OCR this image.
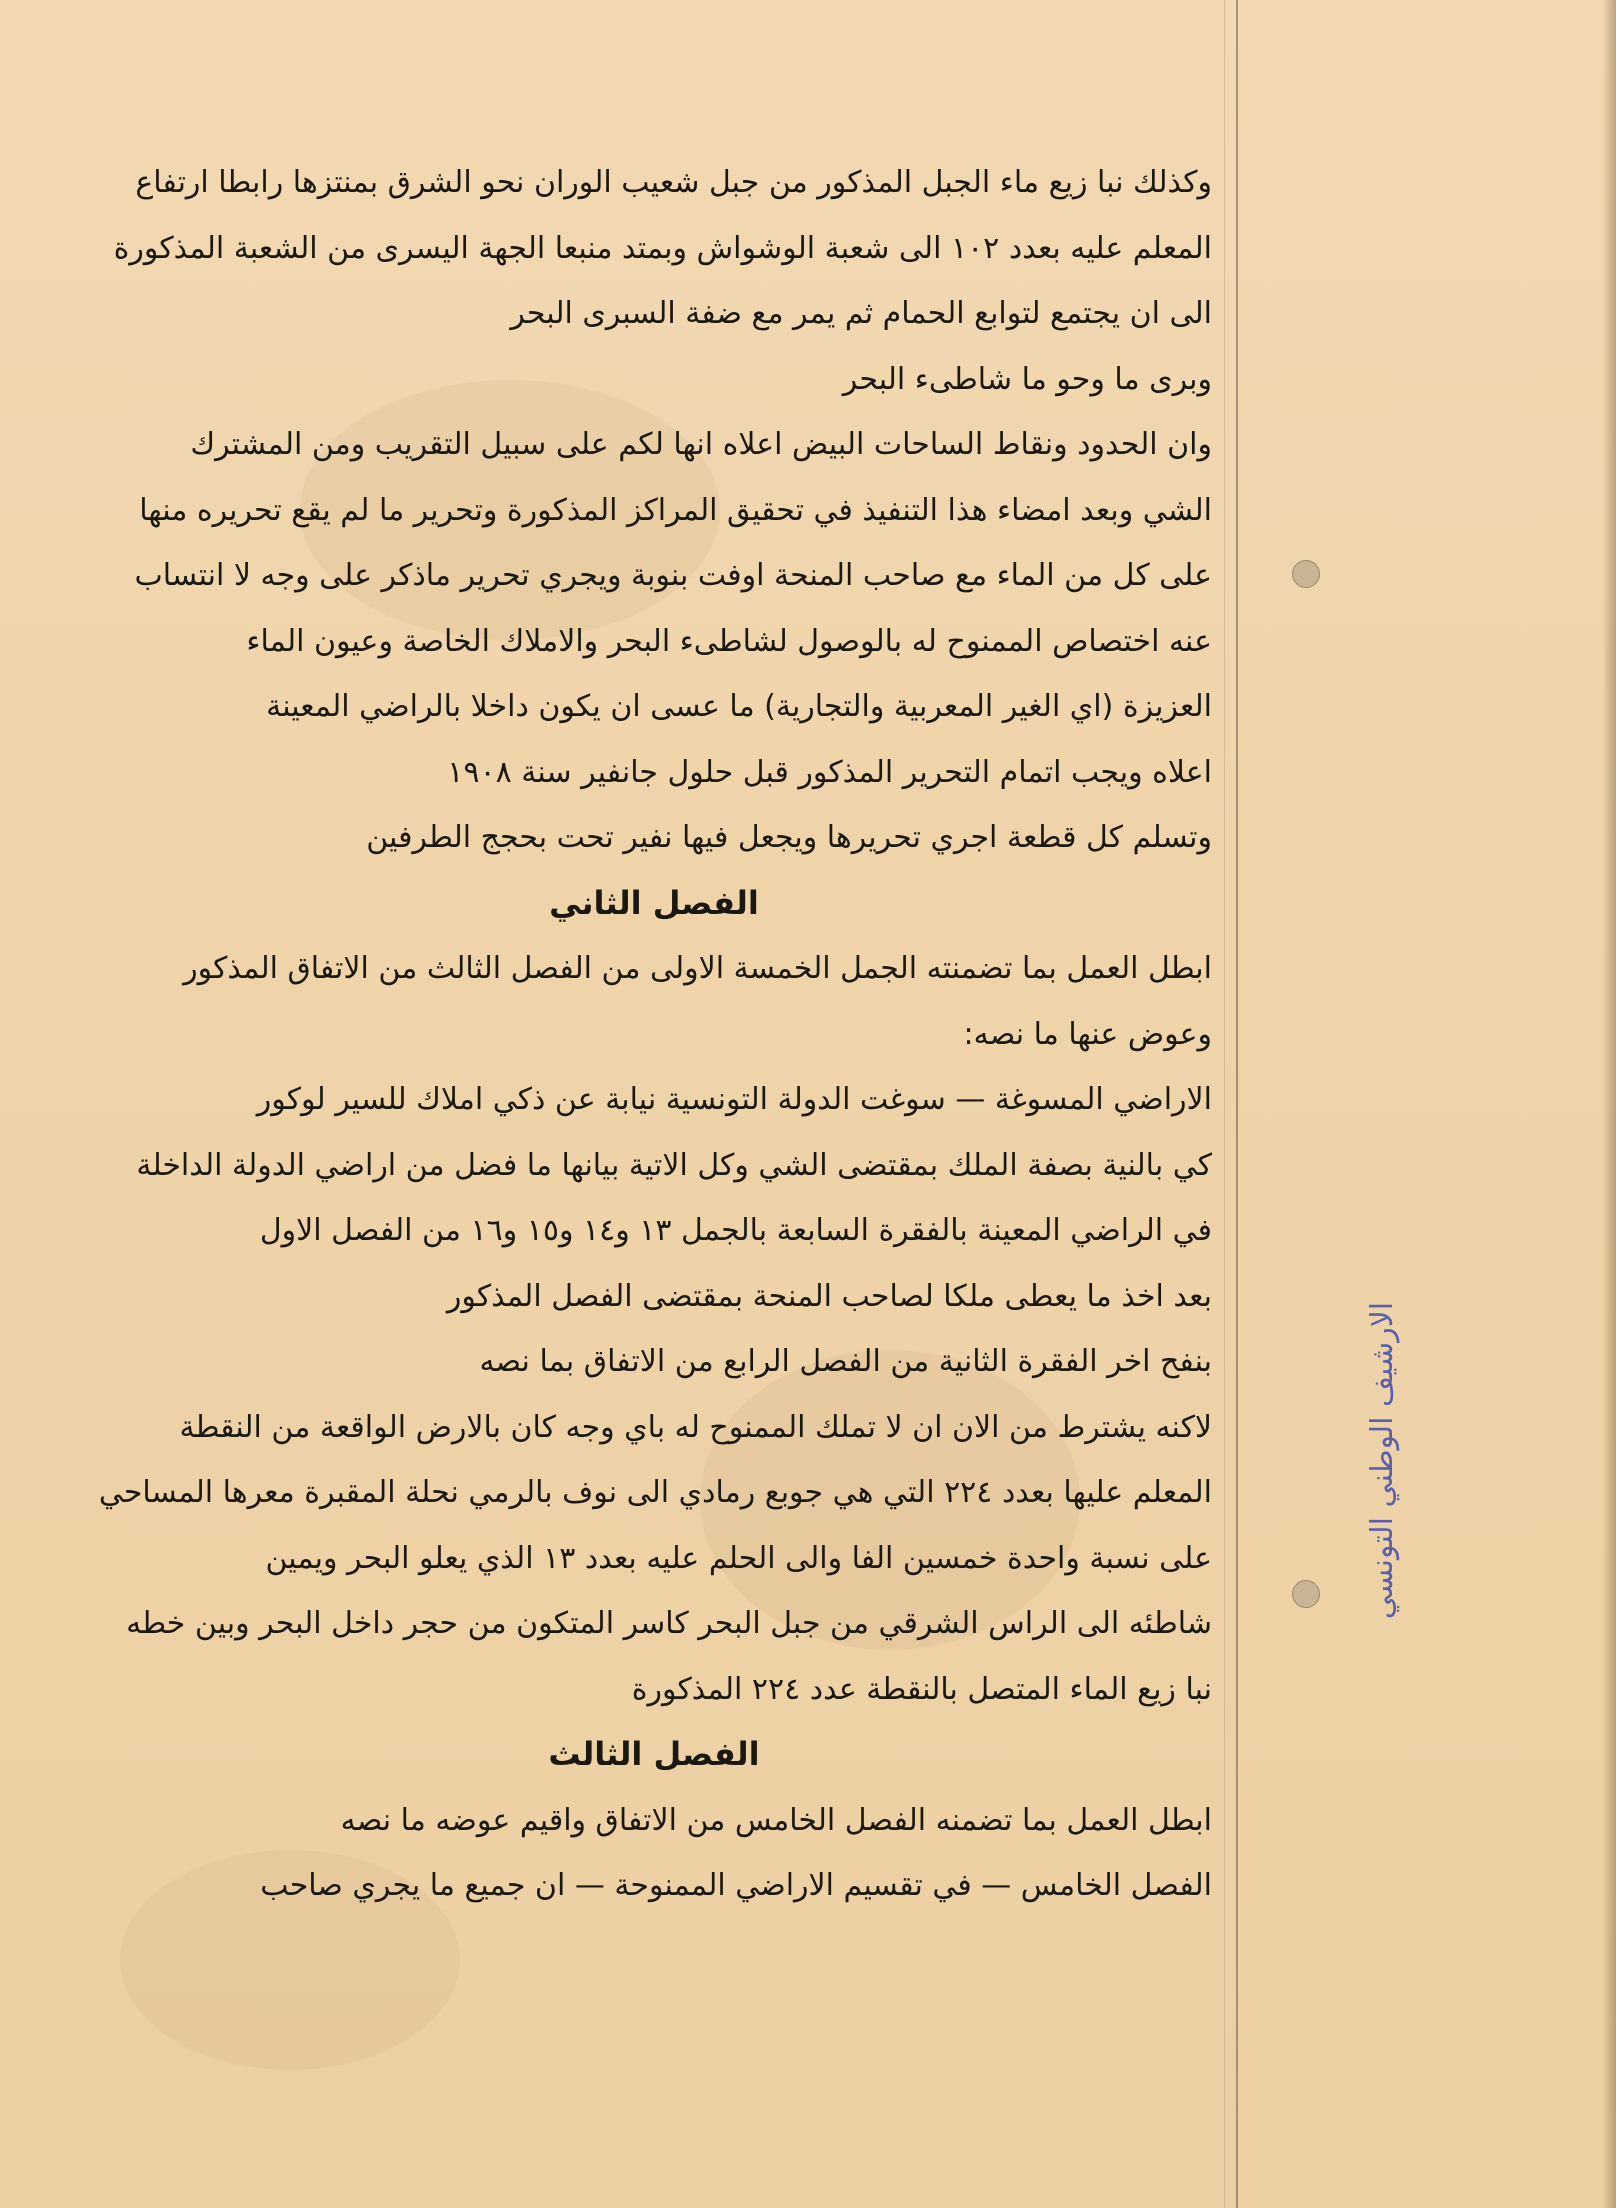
وكذلك نبا زيع ماء الجبل المذكور من جبل شعيب الوران نحو الشرق بمنتزها رابطا ارتفاع
المعلم عليه بعدد ١٠٢ الى شعبة الوشواش وبمتد منبعا الجهة اليسرى من الشعبة المذكورة
الى ان يجتمع لتوابع الحمام ثم يمر مع ضفة السبرى البحر
وبرى ما وحو ما شاطىء البحر
وان الحدود ونقاط الساحات البيض اعلاه انها لكم على سبيل التقريب ومن المشترك
الشي وبعد امضاء هذا التنفيذ في تحقيق المراكز المذكورة وتحرير ما لم يقع تحريره منها
على كل من الماء مع صاحب المنحة اوفت بنوبة ويجري تحرير ماذكر على وجه لا انتساب
عنه اختصاص الممنوح له بالوصول لشاطىء البحر والاملاك الخاصة وعيون الماء
العزيزة (اي الغير المعربية والتجارية) ما عسى ان يكون داخلا بالراضي المعينة
اعلاه ويجب اتمام التحرير المذكور قبل حلول جانفير سنة ١٩٠٨
وتسلم كل قطعة اجري تحريرها ويجعل فيها نفير تحت بحجج الطرفين
الفصل الثاني
ابطل العمل بما تضمنته الجمل الخمسة الاولى من الفصل الثالث من الاتفاق المذكور
وعوض عنها ما نصه:
الاراضي المسوغة — سوغت الدولة التونسية نيابة عن ذكي املاك للسير لوكور
كي بالنية بصفة الملك بمقتضى الشي وكل الاتية بيانها ما فضل من اراضي الدولة الداخلة
في الراضي المعينة بالفقرة السابعة بالجمل ١٣ و١٤ و١٥ و١٦ من الفصل الاول
بعد اخذ ما يعطى ملكا لصاحب المنحة بمقتضى الفصل المذكور
بنفح اخر الفقرة الثانية من الفصل الرابع من الاتفاق بما نصه
لاكنه يشترط من الان ان لا تملك الممنوح له باي وجه كان بالارض الواقعة من النقطة
المعلم عليها بعدد ٢٢٤ التي هي جوبع رمادي الى نوف بالرمي نحلة المقبرة معرها المساحي
على نسبة واحدة خمسين الفا والى الحلم عليه بعدد ١٣ الذي يعلو البحر ويمين
شاطئه الى الراس الشرقي من جبل البحر كاسر المتكون من حجر داخل البحر وبين خطه
نبا زيع الماء المتصل بالنقطة عدد ٢٢٤ المذكورة
الفصل الثالث
ابطل العمل بما تضمنه الفصل الخامس من الاتفاق واقيم عوضه ما نصه
الفصل الخامس — في تقسيم الاراضي الممنوحة — ان جميع ما يجري صاحب
الارشيف الوطني التونسي
